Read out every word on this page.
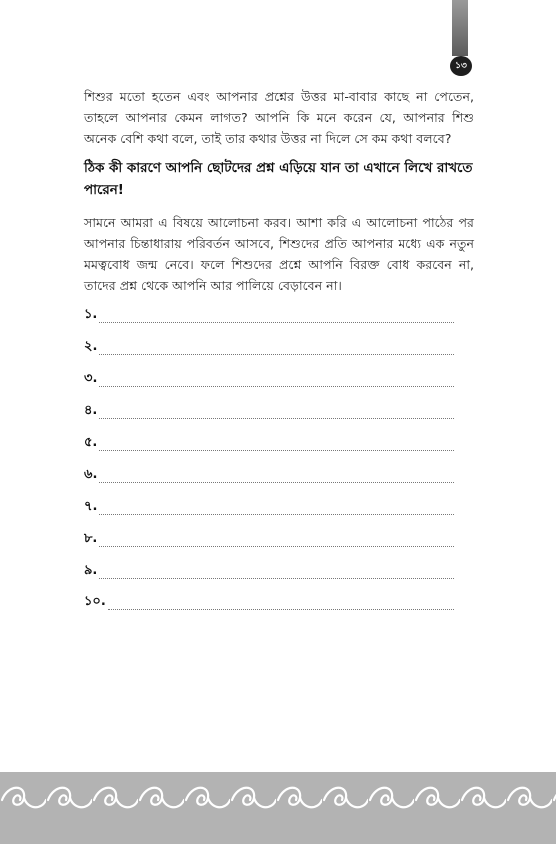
১৩
শিশুর মতো হতেন এবং আপনার প্রশ্নের উত্তর মা-বাবার কাছে না পেতেন, তাহলে আপনার কেমন লাগত? আপনি কি মনে করেন যে, আপনার শিশু অনেক বেশি কথা বলে, তাই তার কথার উত্তর না দিলে সে কম কথা বলবে?
ঠিক কী কারণে আপনি ছোটদের প্রশ্ন এড়িয়ে যান তা এখানে লিখে রাখতে পারেন!
সামনে আমরা এ বিষয়ে আলোচনা করব। আশা করি এ আলোচনা পাঠের পর আপনার চিন্তাধারায় পরিবর্তন আসবে, শিশুদের প্রতি আপনার মধ্যে এক নতুন মমত্ববোধ জন্ম নেবে। ফলে শিশুদের প্রশ্নে আপনি বিরক্ত বোধ করবেন না, তাদের প্রশ্ন থেকে আপনি আর পালিয়ে বেড়াবেন না।
১.
২.
৩.
৪.
৫.
৬.
৭.
৮.
৯.
১০.
